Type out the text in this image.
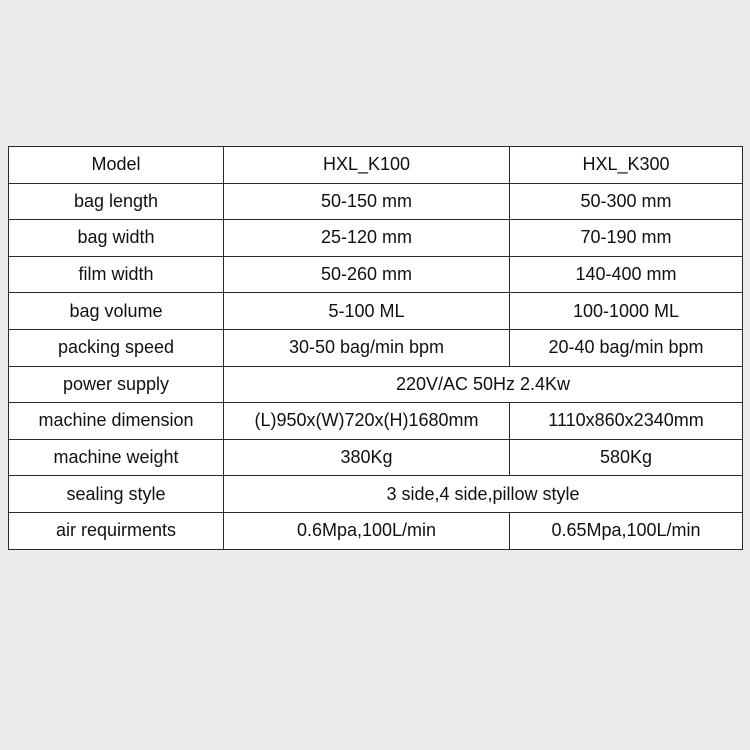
Model	HXL_K100	HXL_K300
bag length	50-150 mm	50-300 mm
bag width	25-120 mm	70-190 mm
film width	50-260 mm	140-400 mm
bag volume	5-100 ML	100-1000 ML
packing speed	30-50 bag/min bpm	20-40 bag/min bpm
power supply	220V/AC 50Hz 2.4Kw	
machine dimension	(L)950x(W)720x(H)1680mm	1110x860x2340mm
machine weight	380Kg	580Kg
sealing style	3 side,4 side,pillow style	
air requirments	0.6Mpa,100L/min	0.65Mpa,100L/min
